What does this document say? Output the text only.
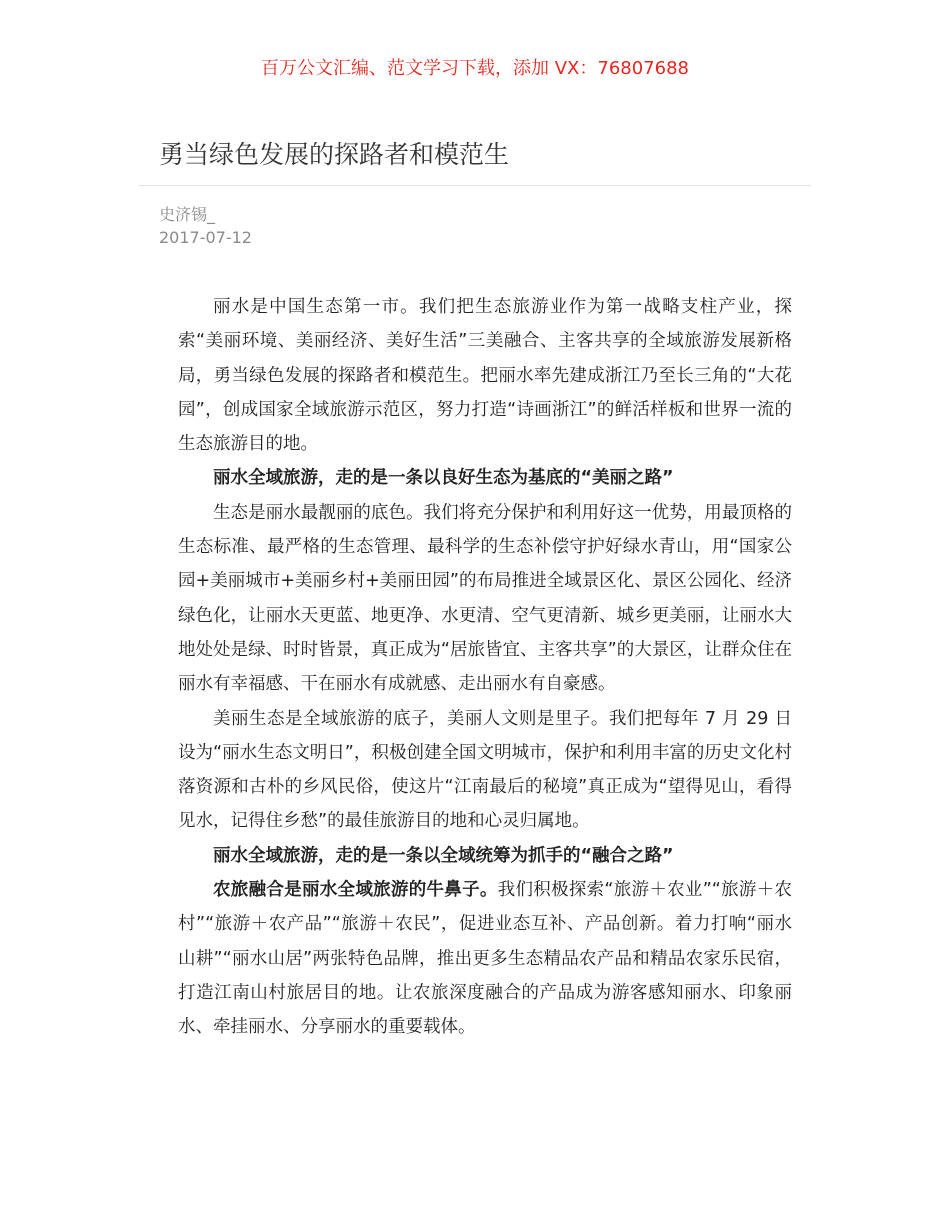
百万公文汇编、范文学习下载，添加 VX：76807688
勇当绿色发展的探路者和模范生
史济锡_
2017-07-12

丽水是中国生态第一市。我们把生态旅游业作为第一战略支柱产业，探索“美丽环境、美丽经济、美好生活”三美融合、主客共享的全域旅游发展新格局，勇当绿色发展的探路者和模范生。把丽水率先建成浙江乃至长三角的“大花园”，创成国家全域旅游示范区，努力打造“诗画浙江”的鲜活样板和世界一流的生态旅游目的地。

丽水全域旅游，走的是一条以良好生态为基底的“美丽之路”

生态是丽水最靓丽的底色。我们将充分保护和利用好这一优势，用最顶格的生态标准、最严格的生态管理、最科学的生态补偿守护好绿水青山，用“国家公园+美丽城市+美丽乡村+美丽田园”的布局推进全域景区化、景区公园化、经济绿色化，让丽水天更蓝、地更净、水更清、空气更清新、城乡更美丽，让丽水大地处处是绿、时时皆景，真正成为“居旅皆宜、主客共享”的大景区，让群众住在丽水有幸福感、干在丽水有成就感、走出丽水有自豪感。

美丽生态是全域旅游的底子，美丽人文则是里子。我们把每年 7 月 29 日设为“丽水生态文明日”，积极创建全国文明城市，保护和利用丰富的历史文化村落资源和古朴的乡风民俗，使这片“江南最后的秘境”真正成为“望得见山，看得见水，记得住乡愁”的最佳旅游目的地和心灵归属地。

丽水全域旅游，走的是一条以全域统筹为抓手的“融合之路”

农旅融合是丽水全域旅游的牛鼻子。我们积极探索“旅游＋农业”“旅游＋农村”“旅游＋农产品”“旅游＋农民”，促进业态互补、产品创新。着力打响“丽水山耕”“丽水山居”两张特色品牌，推出更多生态精品农产品和精品农家乐民宿，打造江南山村旅居目的地。让农旅深度融合的产品成为游客感知丽水、印象丽水、牵挂丽水、分享丽水的重要载体。
